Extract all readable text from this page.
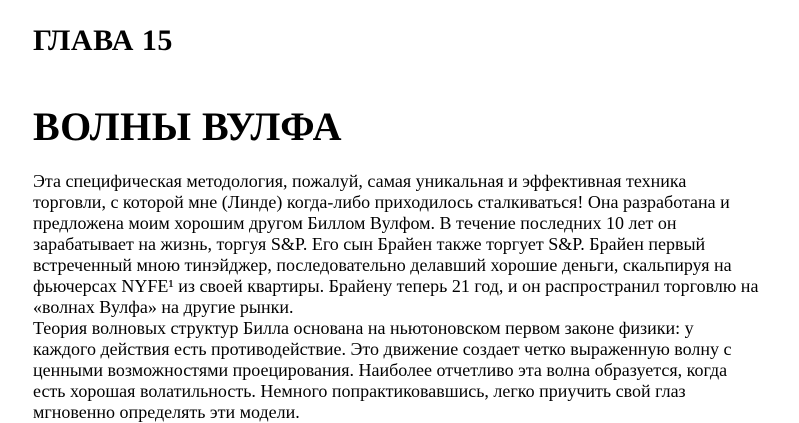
ГЛАВА 15
ВОЛНЫ ВУЛФА

Эта специфическая методология, пожалуй, самая уникальная и эффективная техника
торговли, с которой мне (Линде) когда-либо приходилось сталкиваться! Она разработана и
предложена моим хорошим другом Биллом Вулфом. В течение последних 10 лет он
зарабатывает на жизнь, торгуя S&P. Его сын Брайен также торгует S&P. Брайен первый
встреченный мною тинэйджер, последовательно делавший хорошие деньги, скальпируя на
фьючерсах NYFE¹ из своей квартиры. Брайену теперь 21 год, и он распространил торговлю на
«волнах Вулфа» на другие рынки.

Теория волновых структур Билла основана на ньютоновском первом законе физики: у
каждого действия есть противодействие. Это движение создает четко выраженную волну с
ценными возможностями проецирования. Наиболее отчетливо эта волна образуется, когда
есть хорошая волатильность. Немного попрактиковавшись, легко приучить свой глаз
мгновенно определять эти модели.
